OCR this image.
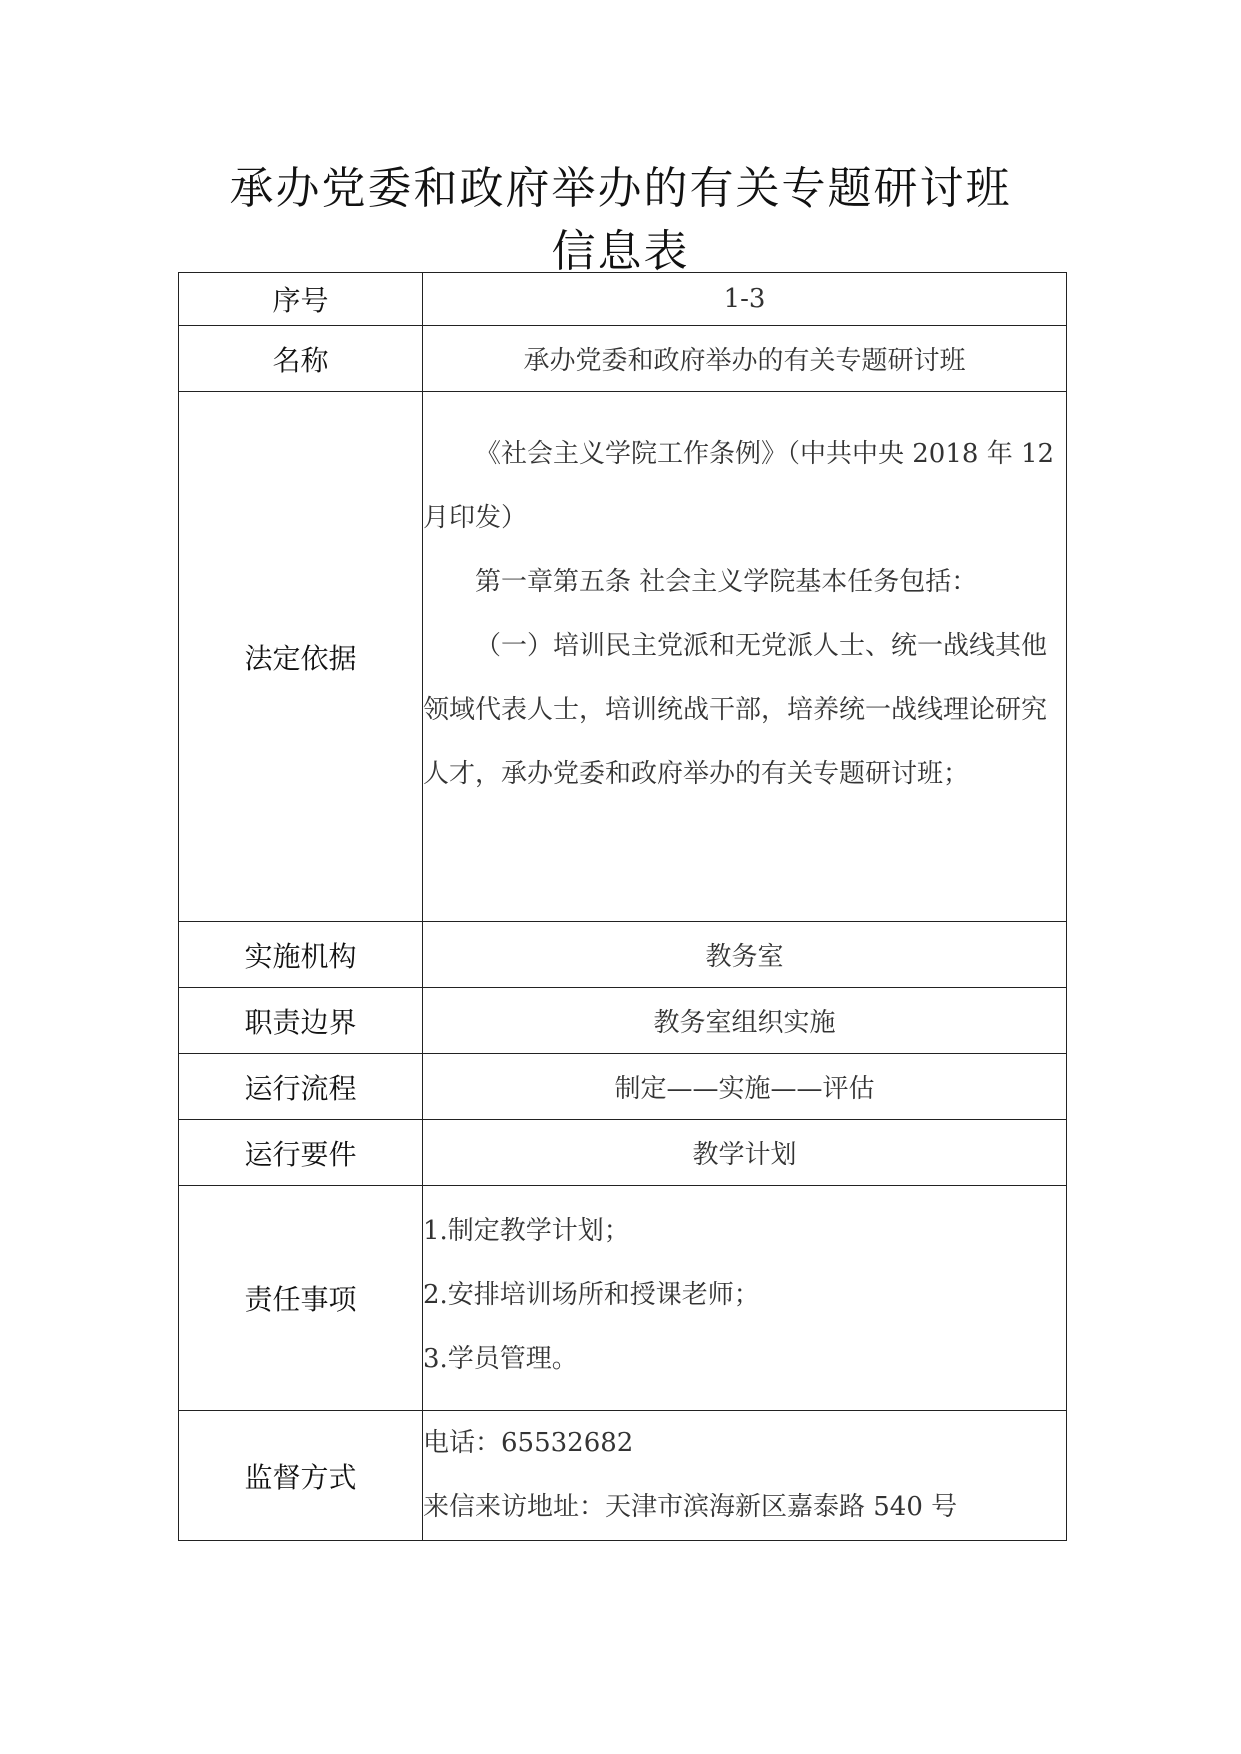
承办党委和政府举办的有关专题研讨班
信息表
序号	1-3
名称	承办党委和政府举办的有关专题研讨班
法定依据	《社会主义学院工作条例》（中共中央 2018 年 12 月印发）

第一章第五条 社会主义学院基本任务包括：

（一）培训民主党派和无党派人士、统一战线其他领域代表人士，培训统战干部，培养统一战线理论研究人才，承办党委和政府举办的有关专题研讨班；

实施机构	教务室
职责边界	教务室组织实施
运行流程	制定——实施——评估
运行要件	教学计划
责任事项	1.制定教学计划；

2.安排培训场所和授课老师；

3.学员管理。

监督方式	电话：65532682

来信来访地址：天津市滨海新区嘉泰路 540 号
